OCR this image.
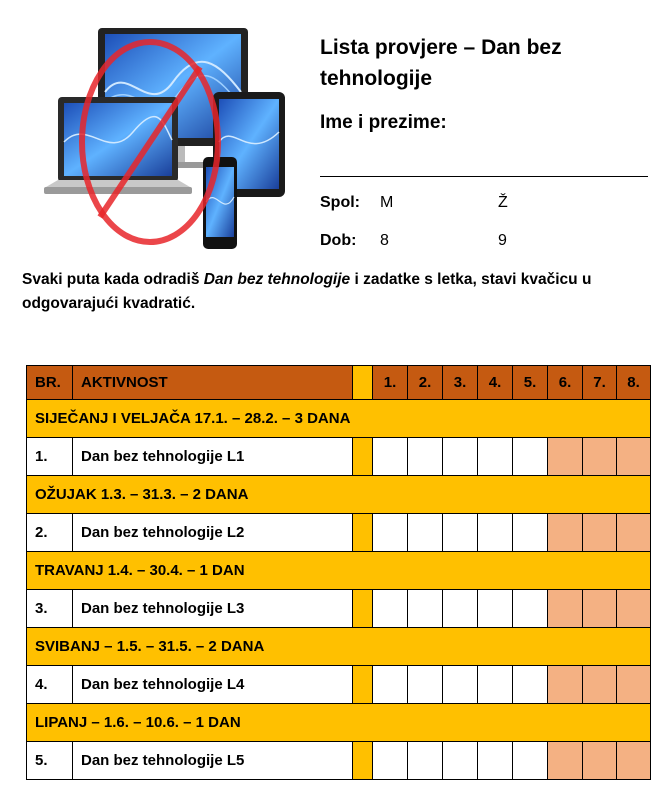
Lista provjere – Dan bez tehnologije
Ime i prezime:
Spol: M	Ž
Dob: 8	9
Svaki puta kada odradiš Dan bez tehnologije i zadatke s letka, stavi kvačicu u odgovarajući kvadratić.
BR.	AKTIVNOST		1.	2.	3.	4.	5.	6.	7.	8.
SIJEČANJ I VELJAČA 17.1. – 28.2. – 3 DANA										
1.	Dan bez tehnologije L1									
OŽUJAK 1.3. – 31.3. – 2 DANA										
2.	Dan bez tehnologije L2									
TRAVANJ 1.4. – 30.4. – 1 DAN										
3.	Dan bez tehnologije L3									
SVIBANJ – 1.5. – 31.5. – 2 DANA										
4.	Dan bez tehnologije L4									
LIPANJ – 1.6. – 10.6. – 1 DAN										
5.	Dan bez tehnologije L5									
